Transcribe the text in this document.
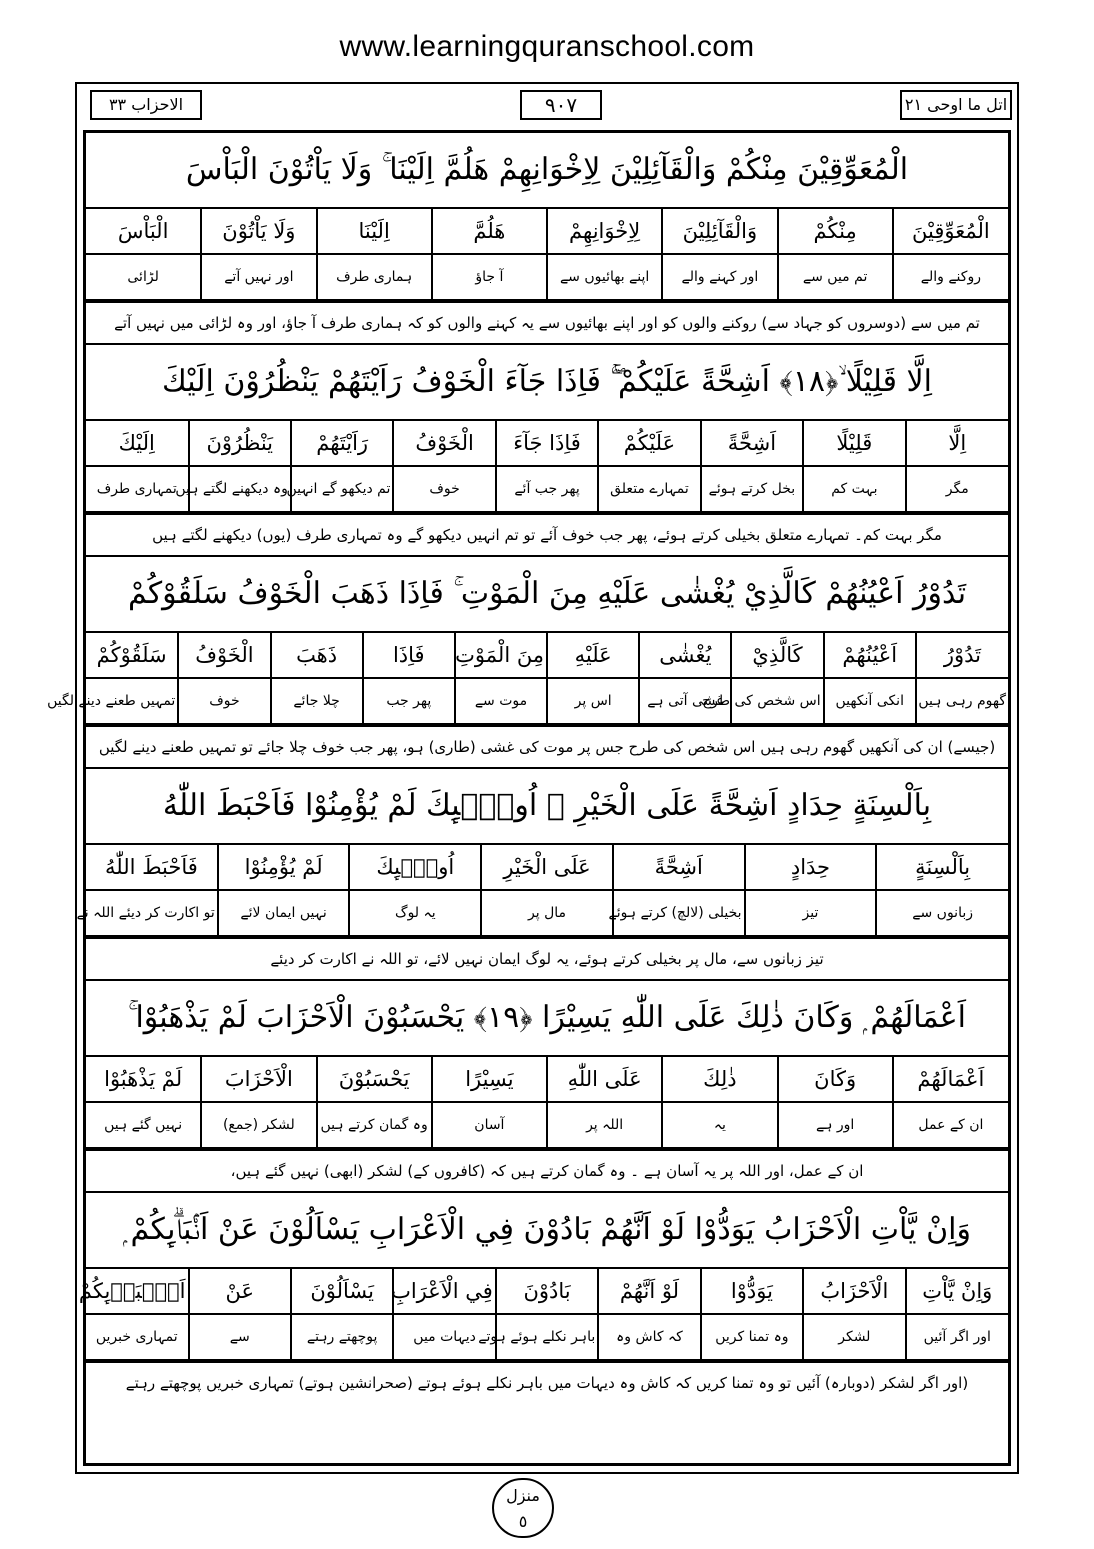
www.learningquranschool.com
الاحزاب ٣٣	٩٠٧	اتل ما اوحی ٢١
الْمُعَوِّقِيْنَ مِنْكُمْ وَالْقَآئِلِيْنَ لِاِخْوَانِهِمْ هَلُمَّ اِلَيْنَا ۚ وَلَا يَاْتُوْنَ الْبَاْسَ
الْمُعَوِّقِيْنَ	مِنْكُمْ	وَالْقَآئِلِيْنَ	لِاِخْوَانِهِمْ	هَلُمَّ	اِلَيْنَا	وَلَا يَاْتُوْنَ	الْبَاْسَ
روکنے والے	تم میں سے	اور کہنے والے	اپنے بھائیوں سے	آ جاؤ	ہماری طرف	اور نہیں آتے	لڑائی
تم میں سے (دوسروں کو جہاد سے) روکنے والوں کو اور اپنے بھائیوں سے یہ کہنے والوں کو کہ ہماری طرف آ جاؤ، اور وہ لڑائی میں نہیں آتے
اِلَّا قَلِيْلًا ۙ﴿١٨﴾ اَشِحَّةً عَلَيْكُمْ ۚۖ فَاِذَا جَآءَ الْخَوْفُ رَاَيْتَهُمْ يَنْظُرُوْنَ اِلَيْكَ
اِلَّا	قَلِيْلًا	اَشِحَّةً	عَلَيْكُمْ	فَاِذَا جَآءَ	الْخَوْفُ	رَاَيْتَهُمْ	يَنْظُرُوْنَ	اِلَيْكَ
مگر	بہت کم	بخل کرتے ہوئے	تمہارے متعلق	پھر جب آئے	خوف	تم دیکھو گے انہیں	وہ دیکھنے لگتے ہیں	تمہاری طرف
مگر بہت کم۔ تمہارے متعلق بخیلی کرتے ہوئے، پھر جب خوف آئے تو تم انہیں دیکھو گے وہ تمہاری طرف (یوں) دیکھنے لگتے ہیں
تَدُوْرُ اَعْيُنُهُمْ كَالَّذِيْ يُغْشٰى عَلَيْهِ مِنَ الْمَوْتِ ۚ فَاِذَا ذَهَبَ الْخَوْفُ سَلَقُوْكُمْ
تَدُوْرُ	اَعْيُنُهُمْ	كَالَّذِيْ	يُغْشٰى	عَلَيْهِ	مِنَ الْمَوْتِ	فَاِذَا	ذَهَبَ	الْخَوْفُ	سَلَقُوْكُمْ
گھوم رہی ہیں	انکی آنکھیں	اس شخص کی طرح	غشی آتی ہے	اس پر	موت سے	پھر جب	چلا جائے	خوف	تمہیں طعنے دینے لگیں
(جیسے) ان کی آنکھیں گھوم رہی ہیں اس شخص کی طرح جس پر موت کی غشی (طاری) ہو، پھر جب خوف چلا جائے تو تمہیں طعنے دینے لگیں
بِاَلْسِنَةٍ حِدَادٍ اَشِحَّةً عَلَى الْخَيْرِ ۭ اُولٰۗىِٕكَ لَمْ يُؤْمِنُوْا فَاَحْبَطَ اللّٰهُ
بِاَلْسِنَةٍ	حِدَادٍ	اَشِحَّةً	عَلَى الْخَيْرِ	اُولٰۗىِٕكَ	لَمْ يُؤْمِنُوْا	فَاَحْبَطَ اللّٰهُ
زبانوں سے	تیز	بخیلی (لالچ) کرتے ہوئے	مال پر	یہ لوگ	نہیں ایمان لائے	تو اکارت کر دیئے اللہ نے
تیز زبانوں سے، مال پر بخیلی کرتے ہوئے، یہ لوگ ایمان نہیں لائے، تو اللہ نے اکارت کر دیئے
اَعْمَالَهُمْ ۭ وَكَانَ ذٰلِكَ عَلَى اللّٰهِ يَسِيْرًا ﴿١٩﴾ يَحْسَبُوْنَ الْاَحْزَابَ لَمْ يَذْهَبُوْا ۚ
اَعْمَالَهُمْ	وَكَانَ	ذٰلِكَ	عَلَى اللّٰهِ	يَسِيْرًا	يَحْسَبُوْنَ	الْاَحْزَابَ	لَمْ يَذْهَبُوْا
ان کے عمل	اور ہے	یہ	اللہ پر	آسان	وہ گمان کرتے ہیں	لشکر (جمع)	نہیں گئے ہیں
ان کے عمل، اور اللہ پر یہ آسان ہے ۔ وہ گمان کرتے ہیں کہ (کافروں کے) لشکر (ابھی) نہیں گئے ہیں،
وَاِنْ يَّاْتِ الْاَحْزَابُ يَوَدُّوْا لَوْ اَنَّهُمْ بَادُوْنَ فِي الْاَعْرَابِ يَسْاَلُوْنَ عَنْ اَنْۢبَاۗىِٕكُمْ ۭ
وَاِنْ يَّاْتِ	الْاَحْزَابُ	يَوَدُّوْا	لَوْ اَنَّهُمْ	بَادُوْنَ	فِي الْاَعْرَابِ	يَسْاَلُوْنَ	عَنْ	اَنْۢبَاۗىِٕكُمْ
اور اگر آئیں	لشکر	وہ تمنا کریں	کہ کاش وہ	باہر نکلے ہوئے ہوتے	دیہات میں	پوچھتے رہتے	سے	تمہاری خبریں
(اور اگر لشکر (دوبارہ) آئیں تو وہ تمنا کریں کہ کاش وہ دیہات میں باہر نکلے ہوئے ہوتے (صحرانشین ہوتے) تمہاری خبریں پوچھتے رہتے
منزل
٥
